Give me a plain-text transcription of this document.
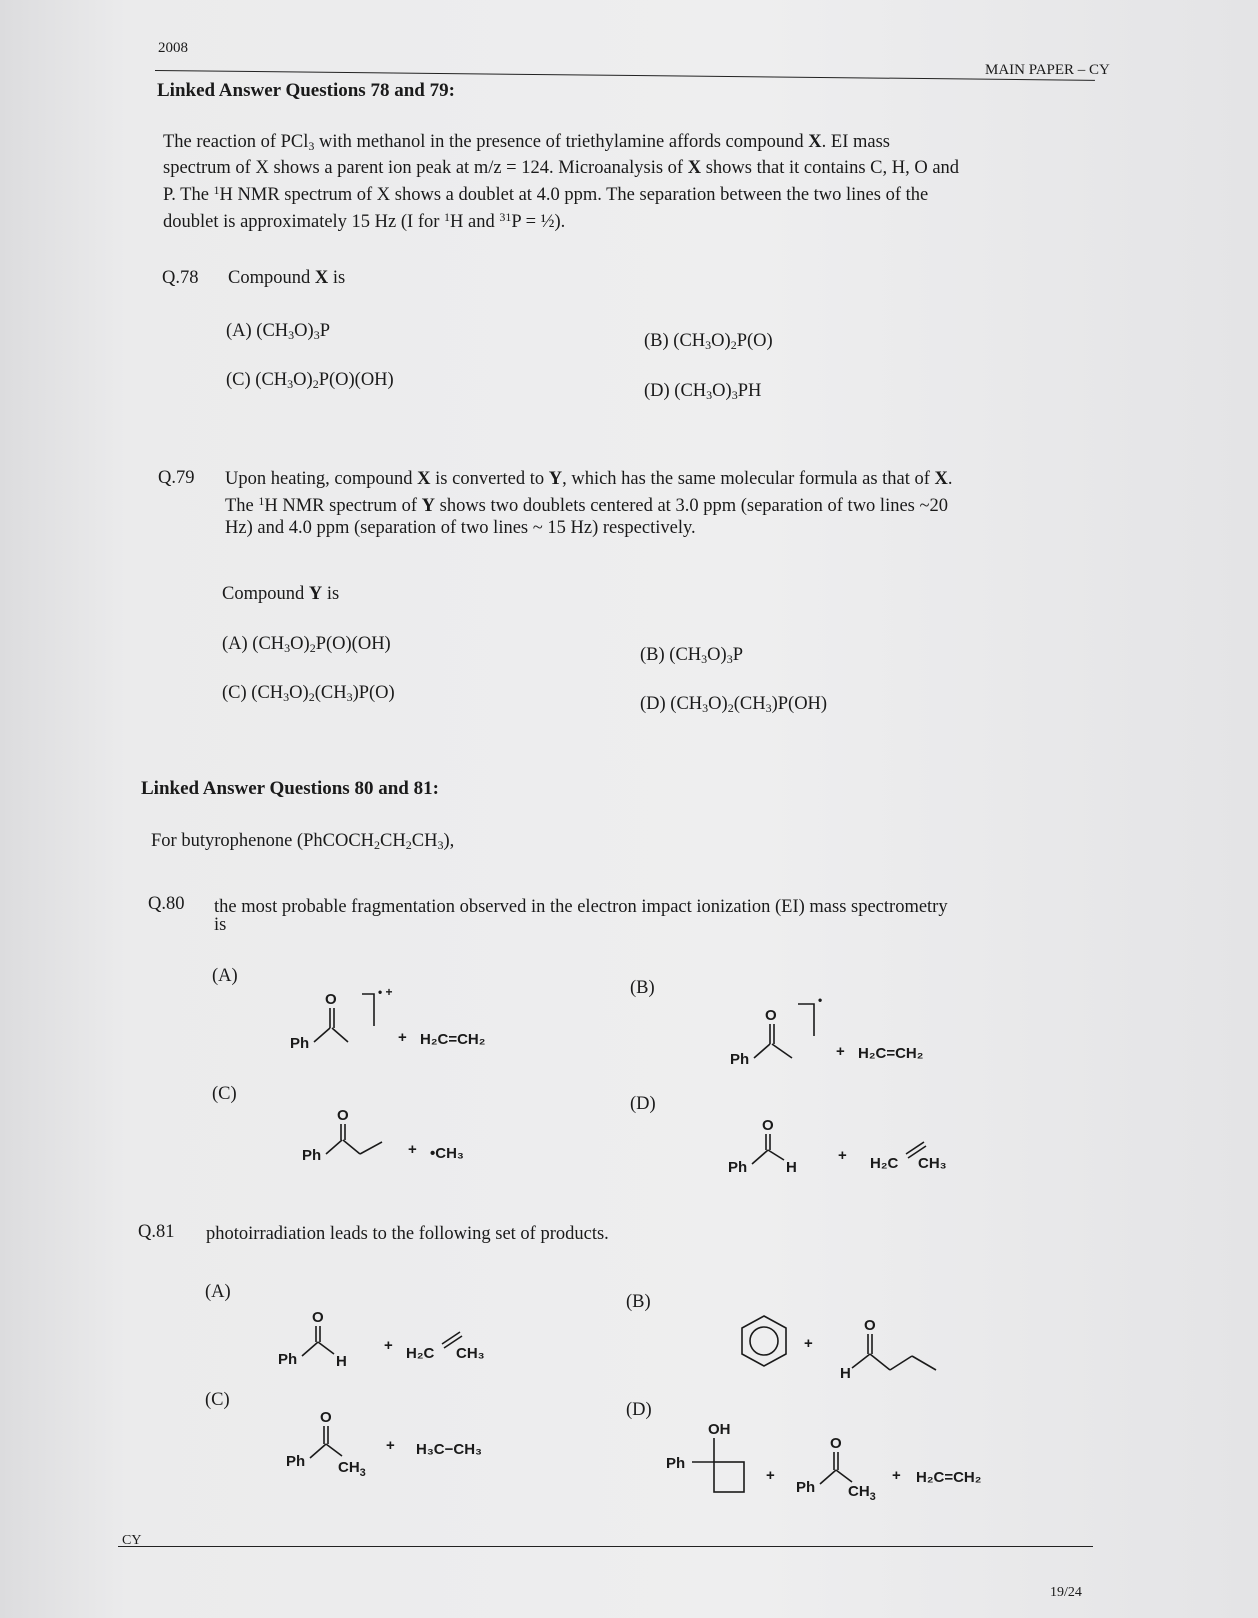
2008
MAIN PAPER – CY
Linked Answer Questions 78 and 79:
The reaction of PCl$_3$ with methanol in the presence of triethylamine affords compound X. EI mass
spectrum of X shows a parent ion peak at m/z = 124. Microanalysis of X shows that it contains C, H, O and
P. The $^1$H NMR spectrum of X shows a doublet at 4.0 ppm. The separation between the two lines of the
doublet is approximately 15 Hz (I for $^1$H and $^{31}$P = ½).
Q.78 Compound X is
(A) $(CH_3O)_3P$	(B) $(CH_3O)_2P(O)$
(C) $(CH_3O)_2P(O)(OH)$
(D) $(CH_3O)_3PH$
Q.79 Upon heating, compound X is converted to Y, which has the same molecular formula as that of X.
The $^1$H NMR spectrum of Y shows two doublets centered at 3.0 ppm (separation of two lines ~20
Hz) and 4.0 ppm (separation of two lines ~ 15 Hz) respectively.
Compound Y is
(A) $(CH_3O)_2P(O)(OH)$
(B) $(CH_3O)_3P$
(C) $(CH_3O)_2(CH_3)P(O)$
(D) $(CH_3O)_2(CH_3)P(OH)$
Linked Answer Questions 80 and 81:
For butyrophenone $(PhCOCH_2CH_2CH_3)$,
Q.80 the most probable fragmentation observed in the electron impact ionization (EI) mass spectrometry
is
(A)
(B)
(C)	(D)
Ph
O	• +
+ H₂C=CH₂
Ph
O
•
+ H₂C=CH₂
Ph
O
+ •CH₃
Ph
O
H
+ H₂C CH₃
Q.81 photoirradiation leads to the following set of products.
(A)	(B)
(C)	(D)
Ph
O
H
+ H₂C CH₃
+
H
O
Ph
O
$CH_3$
+ H₃C−CH₃
OH
Ph
+
Ph
O
$CH_3$
+ H₂C=CH₂
CY
19/24
